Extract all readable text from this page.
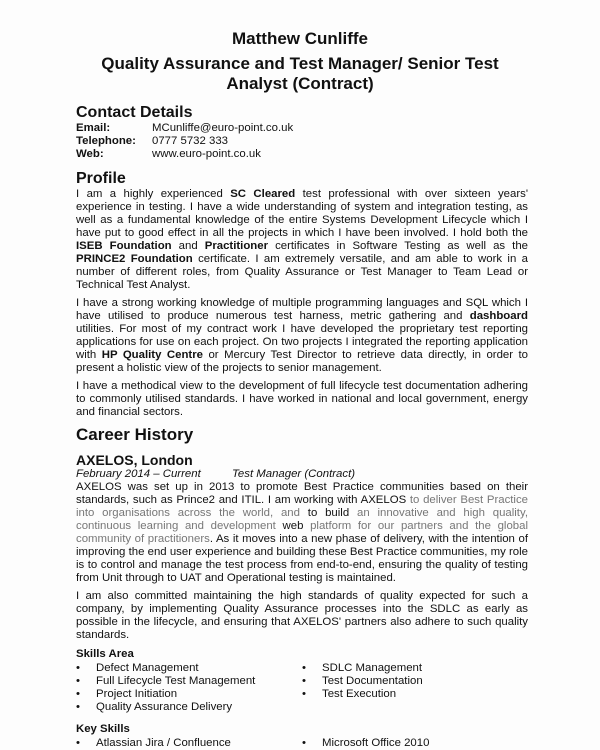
Matthew Cunliffe
Quality Assurance and Test Manager/ Senior Test
Analyst (Contract)
Contact Details
Email:	MCunliffe@euro-point.co.uk
Telephone:	0777 5732 333
Web:	www.euro-point.co.uk
Profile

I am a highly experienced SC Cleared test professional with over sixteen years' experience in testing. I have a wide understanding of system and integration testing, as well as a fundamental knowledge of the entire Systems Development Lifecycle which I have put to good effect in all the projects in which I have been involved. I hold both the ISEB Foundation and Practitioner certificates in Software Testing as well as the PRINCE2 Foundation certificate. I am extremely versatile, and am able to work in a number of different roles, from Quality Assurance or Test Manager to Team Lead or Technical Test Analyst.

I have a strong working knowledge of multiple programming languages and SQL which I have utilised to produce numerous test harness, metric gathering and dashboard utilities. For most of my contract work I have developed the proprietary test reporting applications for use on each project. On two projects I integrated the reporting application with HP Quality Centre or Mercury Test Director to retrieve data directly, in order to present a holistic view of the projects to senior management.

I have a methodical view to the development of full lifecycle test documentation adhering to commonly utilised standards. I have worked in national and local government, energy and financial sectors.

Career History
AXELOS, London
February 2014 – Current	Test Manager (Contract)

AXELOS was set up in 2013 to promote Best Practice communities based on their standards, such as Prince2 and ITIL. I am working with AXELOS to deliver Best Practice into organisations across the world, and to build an innovative and high quality, continuous learning and development web platform for our partners and the global community of practitioners. As it moves into a new phase of delivery, with the intention of improving the end user experience and building these Best Practice communities, my role is to control and manage the test process from end-to-end, ensuring the quality of testing from Unit through to UAT and Operational testing is maintained.

I am also committed maintaining the high standards of quality expected for such a company, by implementing Quality Assurance processes into the SDLC as early as possible in the lifecycle, and ensuring that AXELOS' partners also adhere to such quality standards.

Skills Area
• Defect Management
• Full Lifecycle Test Management
• Project Initiation
• Quality Assurance Delivery
• SDLC Management
• Test Documentation
• Test Execution
Key Skills
• Atlassian Jira / Confluence	• Microsoft Office 2010
